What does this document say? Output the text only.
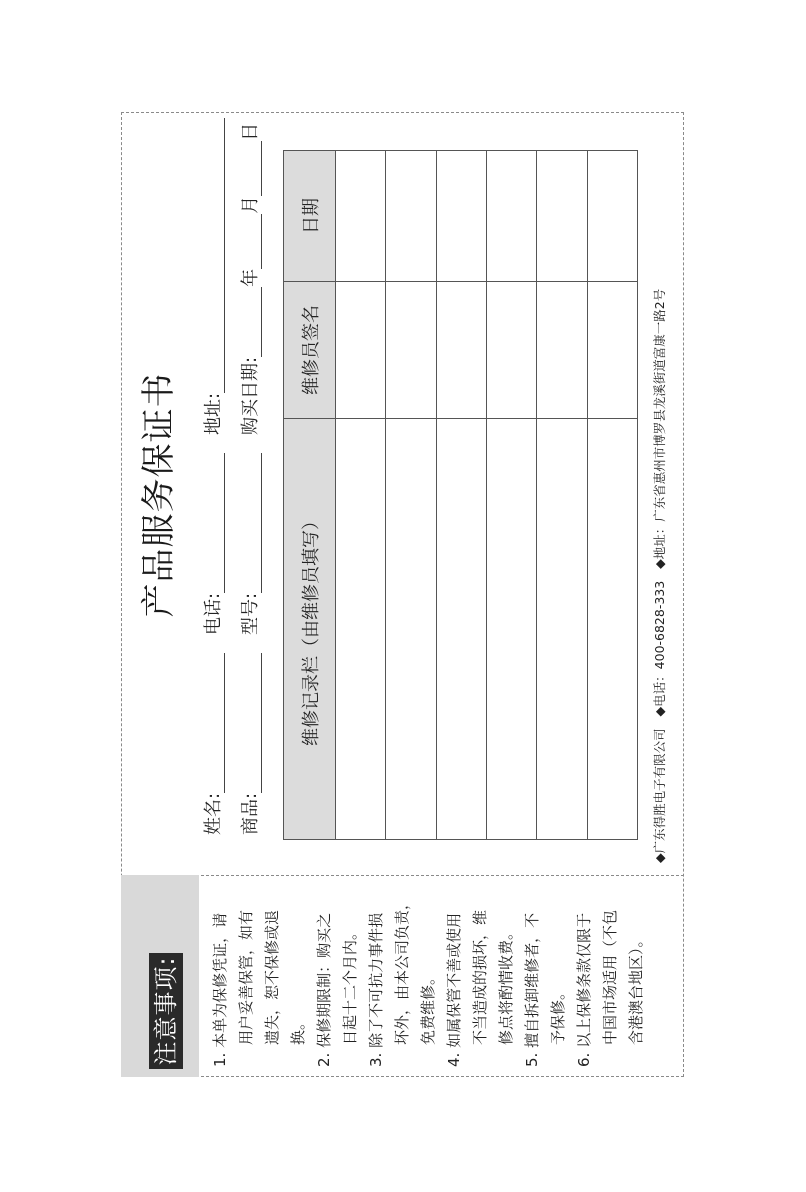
产品服务保证书
姓名:
电话:
地址:
商品:
型号:
购买日期:年月日
维修记录栏（由维修员填写）	维修员签名	日期

◆广东得胜电子有限公司   ◆电话：400-6828-333   ◆地址：广东省惠州市博罗县龙溪街道富康一路2号
注意事项: 1. 本单为保修凭证，请 用户妥善保管，如有 遗失，恕不保修或退 换。 2. 保修期限制：购买之 日起十二个月内。 3. 除了不可抗力事件损 坏外，由本公司负责， 免费维修。 4. 如属保管不善或使用 不当造成的损坏，维 修点将酌情收费。 5. 擅自拆卸维修者，不 予保修。 6. 以上保修条款仅限于 中国市场适用（不包 含港澳台地区）。
